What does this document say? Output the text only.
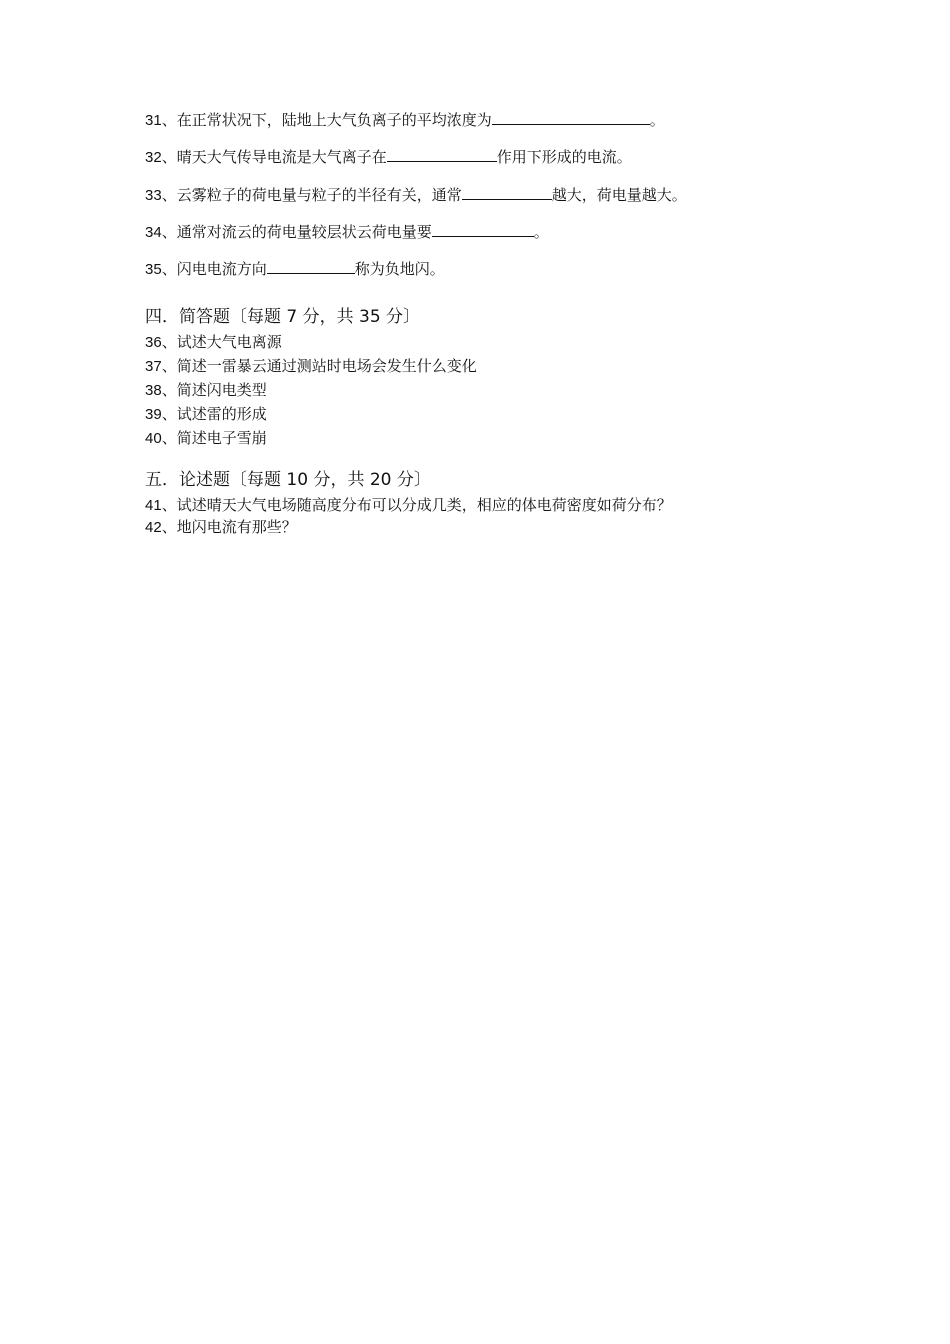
31、在正常状况下，陆地上大气负离子的平均浓度为	。
32、晴天大气传导电流是大气离子在	作用下形成的电流。
33、云雾粒子的荷电量与粒子的半径有关，通常	越大，荷电量越大。
34、通常对流云的荷电量较层状云荷电量要	。
35、闪电电流方向	称为负地闪。
四．简答题〔每题 7 分，共 35 分〕
36、试述大气电离源
37、简述一雷暴云通过测站时电场会发生什么变化
38、简述闪电类型
39、试述雷的形成
40、简述电子雪崩
五．论述题〔每题 10 分，共 20 分〕
41、试述晴天大气电场随高度分布可以分成几类，相应的体电荷密度如荷分布？
42、地闪电流有那些？
